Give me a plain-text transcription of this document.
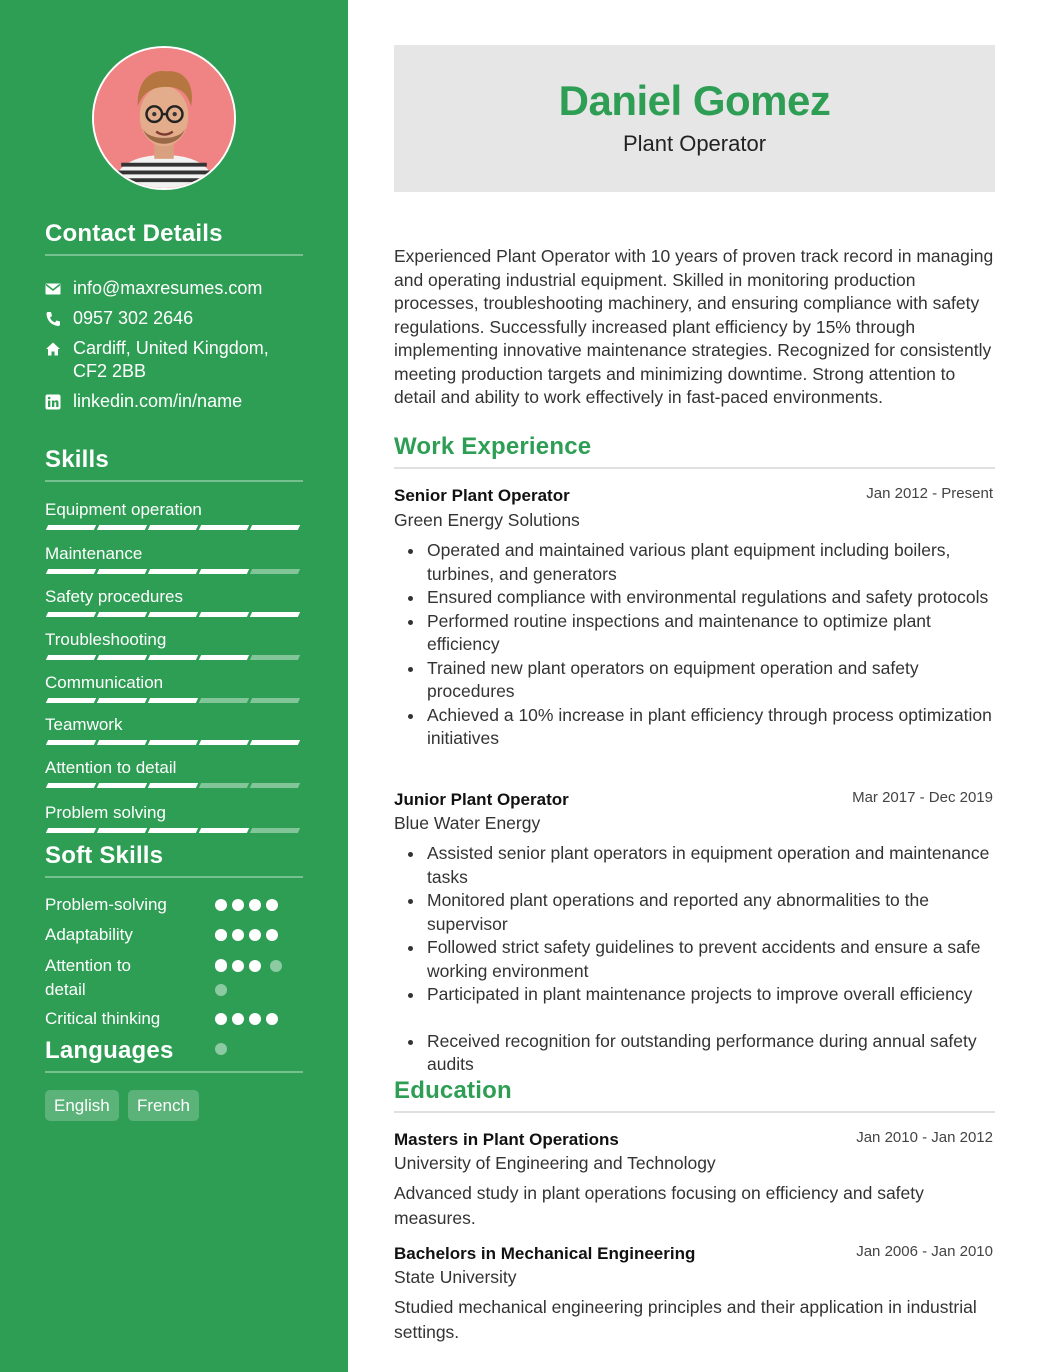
Contact Details
info@maxresumes.com
0957 302 2646
Cardiff, United Kingdom,
CF2 2BB
linkedin.com/in/name
Skills
Equipment operation
Maintenance
Safety procedures
Troubleshooting
Communication
Teamwork
Attention to detail
Problem solving
Soft Skills
Problem-solving
Adaptability
Attention to
detail
Critical thinking
Languages
English	French
Daniel Gomez
Plant Operator
Experienced Plant Operator with 10 years of proven track record in managing and operating industrial equipment. Skilled in monitoring production processes, troubleshooting machinery, and ensuring compliance with safety regulations. Successfully increased plant efficiency by 15% through implementing innovative maintenance strategies. Recognized for consistently meeting production targets and minimizing downtime. Strong attention to detail and ability to work effectively in fast-paced environments.
Work Experience
Senior Plant Operator	Jan 2012 - Present
Green Energy Solutions
Operated and maintained various plant equipment including boilers, turbines, and generators
Ensured compliance with environmental regulations and safety protocols
Performed routine inspections and maintenance to optimize plant efficiency
Trained new plant operators on equipment operation and safety procedures
Achieved a 10% increase in plant efficiency through process optimization initiatives
Junior Plant Operator	Mar 2017 - Dec 2019
Blue Water Energy
Assisted senior plant operators in equipment operation and maintenance tasks
Monitored plant operations and reported any abnormalities to the supervisor
Followed strict safety guidelines to prevent accidents and ensure a safe working environment
Participated in plant maintenance projects to improve overall efficiency
Received recognition for outstanding performance during annual safety audits
Education
Masters in Plant Operations	Jan 2010 - Jan 2012
University of Engineering and Technology
Advanced study in plant operations focusing on efficiency and safety measures.
Bachelors in Mechanical Engineering	Jan 2006 - Jan 2010
State University
Studied mechanical engineering principles and their application in industrial settings.
